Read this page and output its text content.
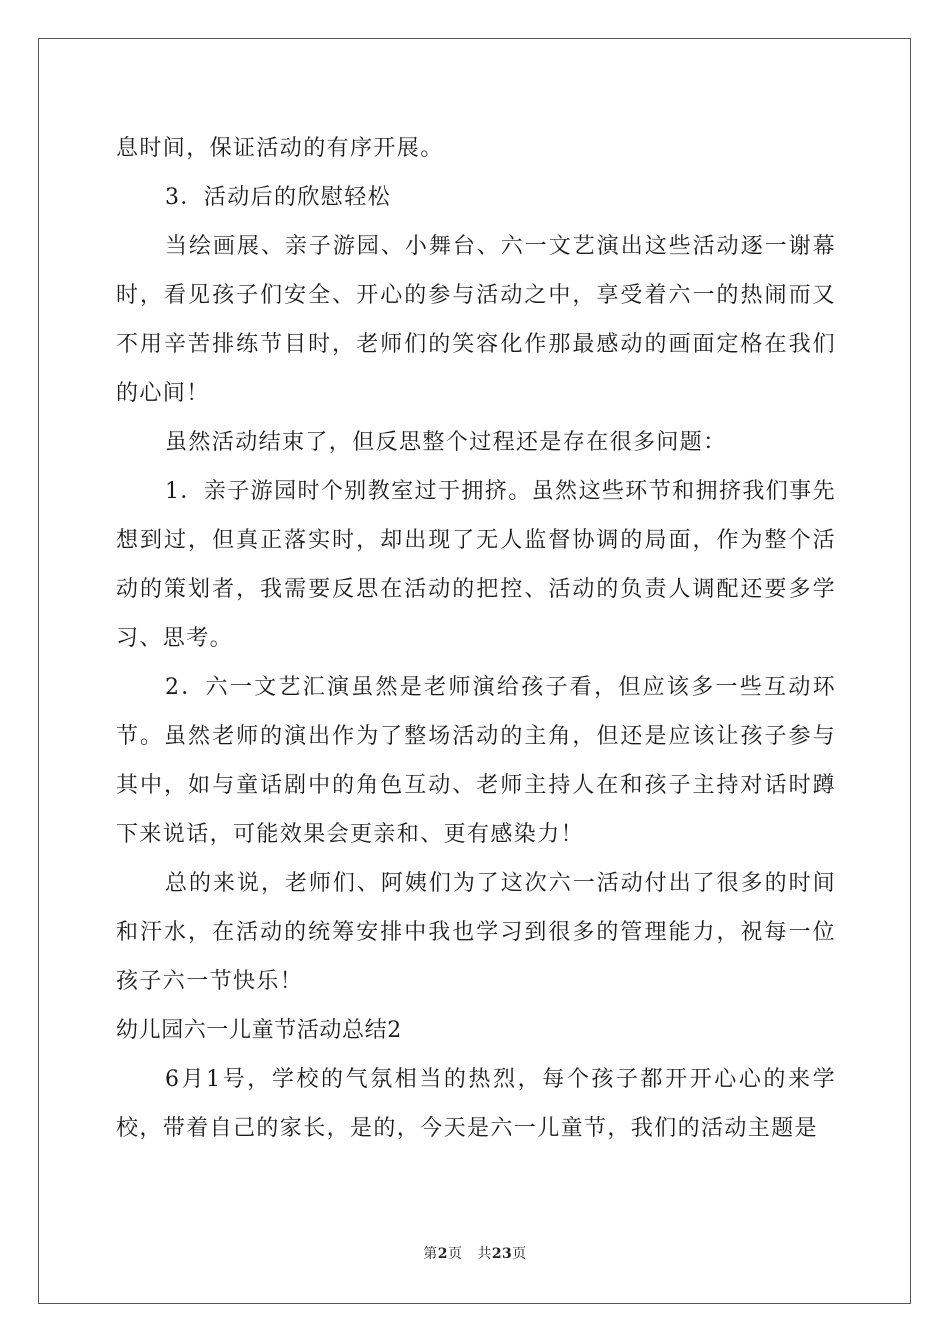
息时间，保证活动的有序开展。

3．活动后的欣慰轻松

当绘画展、亲子游园、小舞台、六一文艺演出这些活动逐一谢幕时，看见孩子们安全、开心的参与活动之中，享受着六一的热闹而又不用辛苦排练节目时，老师们的笑容化作那最感动的画面定格在我们的心间！

虽然活动结束了，但反思整个过程还是存在很多问题：

1．亲子游园时个别教室过于拥挤。虽然这些环节和拥挤我们事先想到过，但真正落实时，却出现了无人监督协调的局面，作为整个活动的策划者，我需要反思在活动的把控、活动的负责人调配还要多学习、思考。

2．六一文艺汇演虽然是老师演给孩子看，但应该多一些互动环节。虽然老师的演出作为了整场活动的主角，但还是应该让孩子参与其中，如与童话剧中的角色互动、老师主持人在和孩子主持对话时蹲下来说话，可能效果会更亲和、更有感染力！

总的来说，老师们、阿姨们为了这次六一活动付出了很多的时间和汗水，在活动的统筹安排中我也学习到很多的管理能力，祝每一位孩子六一节快乐！

幼儿园六一儿童节活动总结2

6月1号，学校的气氛相当的热烈，每个孩子都开开心心的来学校，带着自己的家长，是的，今天是六一儿童节，我们的活动主题是

第2页 共23页
